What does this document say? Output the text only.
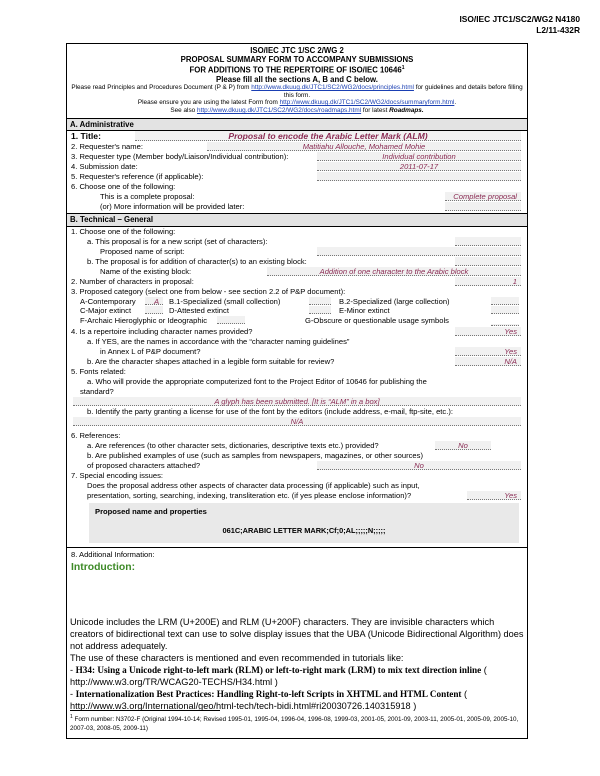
ISO/IEC JTC1/SC2/WG2 N4180
L2/11-432R
ISO/IEC JTC 1/SC 2/WG 2
PROPOSAL SUMMARY FORM TO ACCOMPANY SUBMISSIONS
FOR ADDITIONS TO THE REPERTOIRE OF ISO/IEC 10646$^1$
Please fill all the sections A, B and C below.
Please read Principles and Procedures Document (P & P) from http://www.dkuug.dk/JTC1/SC2/WG2/docs/principles.html for guidelines and details before filling this form.
Please ensure you are using the latest Form from http://www.dkuug.dk/JTC1/SC2/WG2/docs/summaryform.html.
See also http://www.dkuug.dk/JTC1/SC2/WG2/docs/roadmaps.html for latest Roadmaps.
A. Administrative
1. Title:	Proposal to encode the Arabic Letter Mark (ALM)
2. Requester's name:	Matitiahu Allouche, Mohamed Mohie
3. Requester type (Member body/Liaison/Individual contribution):	Individual contribution
4. Submission date:	2011-07-17
5. Requester's reference (if applicable):
6. Choose one of the following:
This is a complete proposal:	Complete proposal
(or) More information will be provided later:
B. Technical – General
1. Choose one of the following:
a. This proposal is for a new script (set of characters):
Proposed name of script:
b. The proposal is for addition of character(s) to an existing block:
Name of the existing block:	Addition of one character to the Arabic block
2. Number of characters in proposal:	1
3. Proposed category (select one from below - see section 2.2 of P&P document):
A-Contemporary A B.1-Specialized (small collection)	B.2-Specialized (large collection)
C-Major extinct	D-Attested extinct	E-Minor extinct
F-Archaic Hieroglyphic or Ideographic	G-Obscure or questionable usage symbols
4. Is a repertoire including character names provided?	Yes
a. If YES, are the names in accordance with the “character naming guidelines”
in Annex L of P&P document?	Yes
b. Are the character shapes attached in a legible form suitable for review?	N/A
5. Fonts related:
a. Who will provide the appropriate computerized font to the Project Editor of 10646 for publishing the
standard?
A glyph has been submitted. [It is “ALM” in a box]
b. Identify the party granting a license for use of the font by the editors (include address, e-mail, ftp-site, etc.):
N/A
6. References:
a. Are references (to other character sets, dictionaries, descriptive texts etc.) provided?	No
b. Are published examples of use (such as samples from newspapers, magazines, or other sources)
of proposed characters attached?	No
7. Special encoding issues:
Does the proposal address other aspects of character data processing (if applicable) such as input,
presentation, sorting, searching, indexing, transliteration etc. (if yes please enclose information)?	Yes
Proposed name and properties
061C;ARABIC LETTER MARK;Cf;0;AL;;;;;N;;;;;
8. Additional Information:
Introduction:

Unicode includes the LRM (U+200E) and RLM (U+200F) characters. They are invisible characters which creators of bidirectional text can use to solve display issues that the UBA (Unicode Bidirectional Algorithm) does not address adequately.

The use of these characters is mentioned and even recommended in tutorials like:

- H34: Using a Unicode right-to-left mark (RLM) or left-to-right mark (LRM) to mix text direction inline (

http://www.w3.org/TR/WCAG20-TECHS/H34.html )

- Internationalization Best Practices: Handling Right-to-left Scripts in XHTML and HTML Content (

http://www.w3.org/International/geo/html-tech/tech-bidi.html#ri20030726.140315918 )

$^1$ Form number: N3702-F (Original 1994-10-14; Revised 1995-01, 1995-04, 1996-04, 1996-08, 1999-03, 2001-05, 2001-09, 2003-11, 2005-01, 2005-09, 2005-10, 2007-03, 2008-05, 2009-11)
